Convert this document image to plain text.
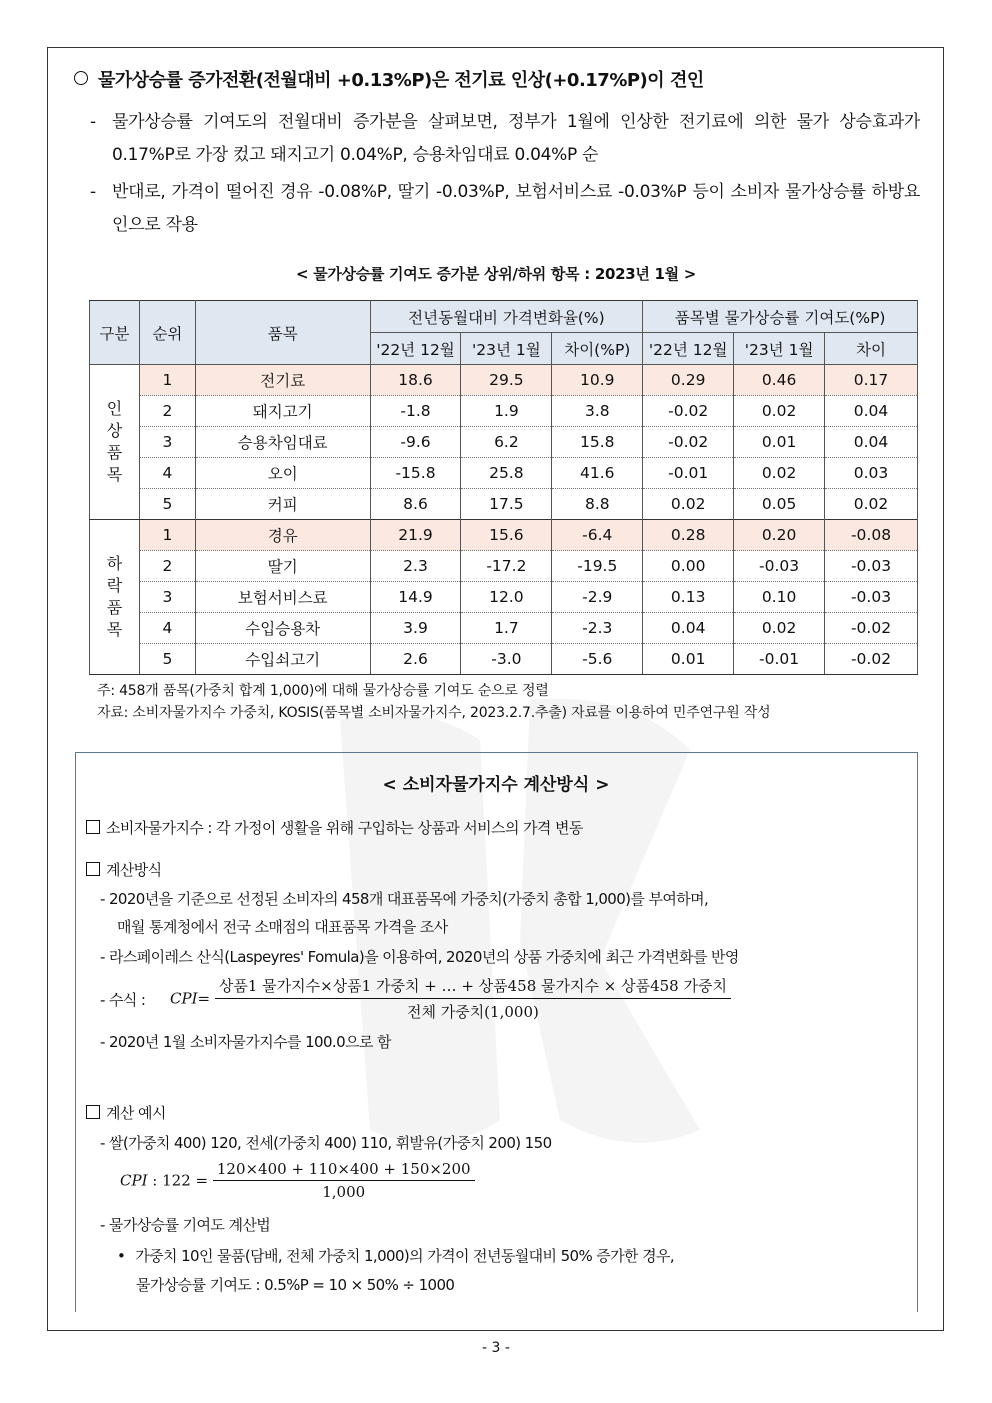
물가상승률 증가전환(전월대비 +0.13%P)은 전기료 인상(+0.17%P)이 견인
- 물가상승률 기여도의 전월대비 증가분을 살펴보면, 정부가 1월에 인상한 전기료에 의한 물가 상승효과가 0.17%P로 가장 컸고 돼지고기 0.04%P, 승용차임대료 0.04%P 순
- 반대로, 가격이 떨어진 경유 -0.08%P, 딸기 -0.03%P, 보험서비스료 -0.03%P 등이 소비자 물가상승률 하방요인으로 작용
< 물가상승률 기여도 증가분 상위/하위 항목 : 2023년 1월 >
구분	순위	품목	전년동월대비 가격변화율(%)			품목별 물가상승률 기여도(%P)		
			'22년 12월	'23년 1월	차이(%P)	'22년 12월	'23년 1월	차이
인상품목	1	전기료	18.6	29.5	10.9	0.29	0.46	0.17
	2	돼지고기	-1.8	1.9	3.8	-0.02	0.02	0.04
	3	승용차임대료	-9.6	6.2	15.8	-0.02	0.01	0.04
	4	오이	-15.8	25.8	41.6	-0.01	0.02	0.03
	5	커피	8.6	17.5	8.8	0.02	0.05	0.02
하락품목	1	경유	21.9	15.6	-6.4	0.28	0.20	-0.08
	2	딸기	2.3	-17.2	-19.5	0.00	-0.03	-0.03
	3	보험서비스료	14.9	12.0	-2.9	0.13	0.10	-0.03
	4	수입승용차	3.9	1.7	-2.3	0.04	0.02	-0.02
	5	수입쇠고기	2.6	-3.0	-5.6	0.01	-0.01	-0.02
주: 458개 품목(가중치 합계 1,000)에 대해 물가상승률 기여도 순으로 정렬
자료: 소비자물가지수 가중치, KOSIS(품목별 소비자물가지수, 2023.2.7.추출) 자료를 이용하여 민주연구원 작성
< 소비자물가지수 계산방식 >
소비자물가지수 : 각 가정이 생활을 위해 구입하는 상품과 서비스의 가격 변동
계산방식
- 2020년을 기준으로 선정된 소비자의 458개 대표품목에 가중치(가중치 총합 1,000)를 부여하며,
매월 통계청에서 전국 소매점의 대표품목 가격을 조사
- 라스페이레스 산식(Laspeyres' Fomula)을 이용하여, 2020년의 상품 가중치에 최근 가격변화를 반영
- 수식 : $CPI= \frac{\text{상품1 물가지수×상품1 가중치 + … + 상품458 물가지수 × 상품458 가중치}}{\text{전체 가중치(1,000)}}$
- 2020년 1월 소비자물가지수를 100.0으로 함
계산 예시
- 쌀(가중치 400) 120, 전세(가중치 400) 110, 휘발유(가중치 200) 150
CPI : $122 = \frac{120\times 400 + 110\times 400 + 150\times 200}{1,000}$
- 물가상승률 기여도 계산법
• 가중치 10인 물품(담배, 전체 가중치 1,000)의 가격이 전년동월대비 50% 증가한 경우,
물가상승률 기여도 : 0.5%P = 10 × 50% ÷ 1000
- 3 -
